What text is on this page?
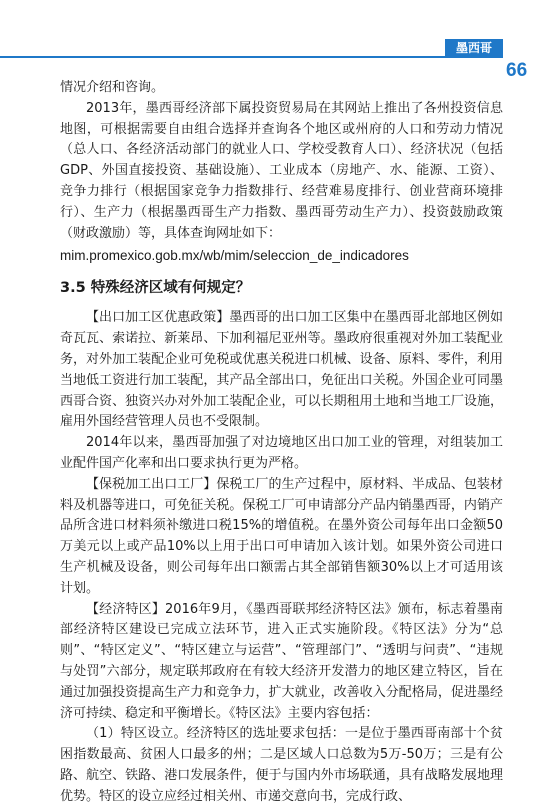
墨西哥
66

情况介绍和咨询。

2013年，墨西哥经济部下属投资贸易局在其网站上推出了各州投资信息地图，可根据需要自由组合选择并查询各个地区或州府的人口和劳动力情况（总人口、各经济活动部门的就业人口、学校受教育人口）、经济状况（包括GDP、外国直接投资、基础设施）、工业成本（房地产、水、能源、工资）、竞争力排行（根据国家竞争力指数排行、经营难易度排行、创业营商环境排行）、生产力（根据墨西哥生产力指数、墨西哥劳动生产力）、投资鼓励政策（财政激励）等，具体查询网址如下：

mim.promexico.gob.mx/wb/mim/seleccion_de_indicadores

3.5 特殊经济区域有何规定？

【出口加工区优惠政策】墨西哥的出口加工区集中在墨西哥北部地区例如奇瓦瓦、索诺拉、新莱昂、下加利福尼亚州等。墨政府很重视对外加工装配业务，对外加工装配企业可免税或优惠关税进口机械、设备、原料、零件，利用当地低工资进行加工装配，其产品全部出口，免征出口关税。外国企业可同墨西哥合资、独资兴办对外加工装配企业，可以长期租用土地和当地工厂设施，雇用外国经营管理人员也不受限制。

2014年以来，墨西哥加强了对边境地区出口加工业的管理，对组装加工业配件国产化率和出口要求执行更为严格。

【保税加工出口工厂】保税工厂的生产过程中，原材料、半成品、包装材料及机器等进口，可免征关税。保税工厂可申请部分产品内销墨西哥，内销产品所含进口材料须补缴进口税15%的增值税。在墨外资公司每年出口金额50万美元以上或产品10%以上用于出口可申请加入该计划。如果外资公司进口生产机械及设备，则公司每年出口额需占其全部销售额30%以上才可适用该计划。

【经济特区】2016年9月，《墨西哥联邦经济特区法》颁布，标志着墨南部经济特区建设已完成立法环节，进入正式实施阶段。《特区法》分为“总则”、“特区定义”、“特区建立与运营”、“管理部门”、“透明与问责”、“违规与处罚”六部分，规定联邦政府在有较大经济开发潜力的地区建立特区，旨在通过加强投资提高生产力和竞争力，扩大就业，改善收入分配格局，促进墨经济可持续、稳定和平衡增长。《特区法》主要内容包括：

（1）特区设立。经济特区的选址要求包括：一是位于墨西哥南部十个贫困指数最高、贫困人口最多的州；二是区域人口总数为5万-50万；三是有公路、航空、铁路、港口发展条件，便于与国内外市场联通，具有战略发展地理优势。特区的设立应经过相关州、市递交意向书，完成行政、
